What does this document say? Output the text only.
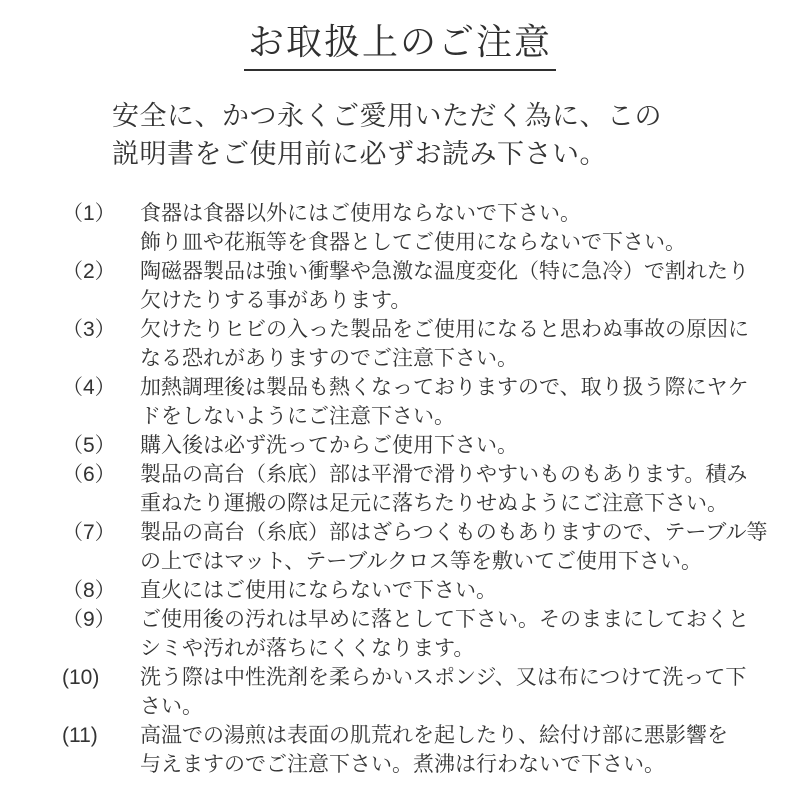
お取扱上のご注意
安全に、かつ永くご愛用いただく為に、この
説明書をご使用前に必ずお読み下さい。
（1）	食器は食器以外にはご使用ならないで下さい。
飾り皿や花瓶等を食器としてご使用にならないで下さい。
（2）	陶磁器製品は強い衝撃や急激な温度変化（特に急冷）で割れたり
欠けたりする事があります。
（3）	欠けたりヒビの入った製品をご使用になると思わぬ事故の原因に
なる恐れがありますのでご注意下さい。
（4）	加熱調理後は製品も熱くなっておりますので、取り扱う際にヤケ
ドをしないようにご注意下さい。
（5）	購入後は必ず洗ってからご使用下さい。
（6）	製品の高台（糸底）部は平滑で滑りやすいものもあります。積み
重ねたり運搬の際は足元に落ちたりせぬようにご注意下さい。
（7）	製品の高台（糸底）部はざらつくものもありますので、テーブル等
の上ではマット、テーブルクロス等を敷いてご使用下さい。
（8）	直火にはご使用にならないで下さい。
（9）	ご使用後の汚れは早めに落として下さい。そのままにしておくと
シミや汚れが落ちにくくなります。
(10)	洗う際は中性洗剤を柔らかいスポンジ、又は布につけて洗って下
さい。
(11)	高温での湯煎は表面の肌荒れを起したり、絵付け部に悪影響を
与えますのでご注意下さい。煮沸は行わないで下さい。
